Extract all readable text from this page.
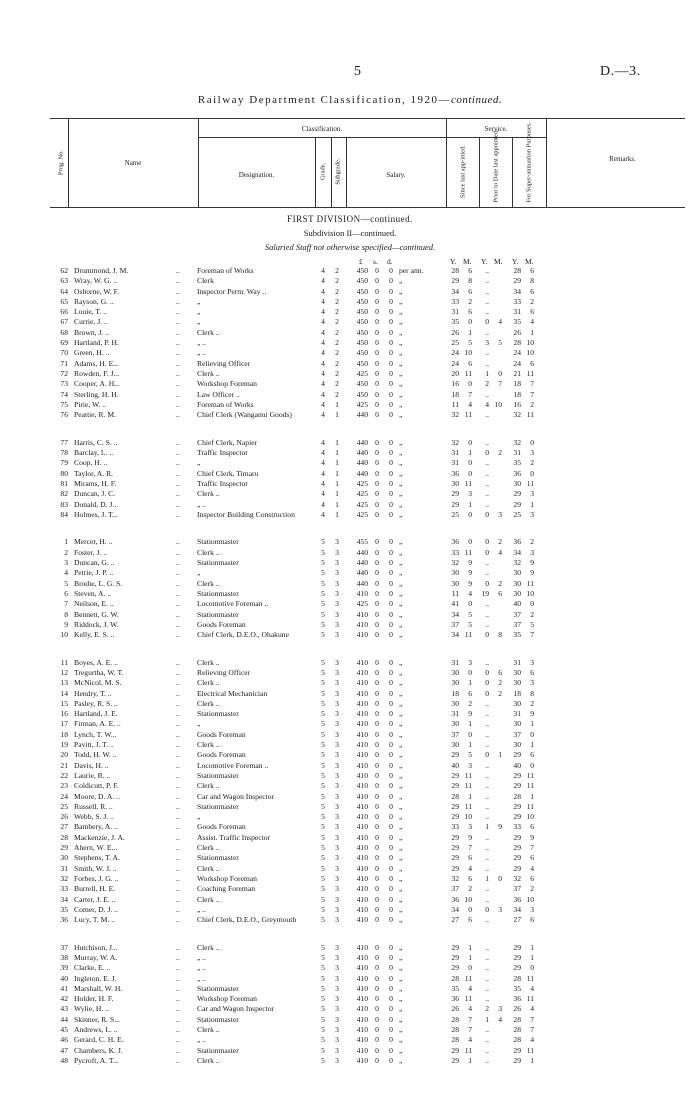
5	D.—3.
Railway Department Classification, 1920—continued.
Prog. No.	Name
Classification.
Designation.	Grade. Subgrade.	Salary.
Service.
Since last app-inted.	Prior to Date last appointed.	For Super-annuation Purposes.	Remarks.
FIRST DIVISION—continued.
Subdivision II—continued.
Salaried Staff not otherwise specified—continued.
£ s. d.	Y. M. Y. M. Y. M.
62 Drummond, J. M.	..	Foreman of Works	4 2	450 0 0 per ann.	28	6	..	28	6
63 Wray, W. G. ..	..	Clerk	4 2	450 0 0 „	29	8	..	29	8
64 Osborne, W. F.	..	Inspector Perm. Way ..	4 2	450 0 0 „	34	6	..	34	6
65 Rayson, G. ..	..	„	4 2	450 0 0 „	33	2	..	33	2
66 Louie, T. ..	..	„	4 2	450 0 0 „	31	6	..	31	6
67 Currie, J. ..	..	„	4 2	450 0 0 „	35	0	0	4	35	4
68 Brown, J. ..	..	Clerk ..	4 2	450 0 0 „	26	1	..	26	1
69 Hartland, P. H.	..	„ ..	4 2	450 0 0 „	25	5	3	5	28 10
70 Green, H. ..	..	„ ..	4 2	450 0 0 „	24 10	..	24 10
71 Adams, H. E...	..	Relieving Officer	4 2	450 0 0 „	24	6	..	24	6
72 Rowden, F. J...	..	Clerk ..	4 2	425 0 0 „	20 11	1	0	21 11
73 Cooper, A. H...	..	Workshop Foreman	4 2	450 0 0 „	16	0	2	7	18	7
74 Sterling, H. H.	..	Law Officer ..	4 2	450 0 0 „	18	7	..	18	7
75 Pirie, W. ..	..	Foreman of Works	4 1	425 0 0 „	11	4	4 10	16	2
76 Peattie, R. M.	..	Chief Clerk (Wanganui Goods)	4 1	440 0 0 „	32 11	..	32 11
77 Harris, C. S. ..	..	Chief Clerk, Napier	4 1	440 0 0 „	32	0	..	32	0
78 Barclay, L. ..	..	Traffic Inspector	4 1	440 0 0 „	31	1	0	2	31	3
79 Coop, H. ..	..	„	4 1	440 0 0 „	31	0	..	35	2
80 Taylor, A. R.	..	Chief Clerk, Timaru	4 1	440 0 0 „	36	0	..	36	0
81 Mirams, H. F.	..	Traffic Inspector	4 1	425 0 0 „	30 11	..	30 11
82 Duncan, J. C.	..	Clerk ..	4 1	425 0 0 „	29	3	..	29	3
83 Donald, D. J...	..	„ ..	4 1	425 0 0 „	29	1	..	29	1
84 Holmes, J. T...	..	Inspector Building Construction	4 1	425 0 0 „	25	0	0	3	25	3
1 Mercer, H. ..	..	Stationmaster	5 3	455 0 0 „	36	0	0	2	36	2
2 Foster, J. ..	..	Clerk ..	5 3	440 0 0 „	33 11	0	4	34	3
3 Duncan, G. ..	..	Stationmaster	5 3	440 0 0 „	32	9	..	32	9
4 Petrie, J. P. ..	..	„	5 3	440 0 0 „	30	9	..	30	9
5 Brodie, L. G. S.	..	Clerk ..	5 3	440 0 0 „	30	9	0	2	30 11
6 Steven, A. ..	..	Stationmaster	5 3	410 0 0 „	11	4	19	6	30 10
7 Neilson, E. ..	..	Locomotive Foreman ..	5 3	425 0 0 „	41	0	..	40	0
8 Bennett, G. W.	..	Stationmaster	5 3	410 0 0 „	34	5	..	37	2
9 Riddock, J. W.	..	Goods Foreman	5 3	410 0 0 „	37	5	..	37	5
10 Kelly, E. S. ..	..	Chief Clerk, D.E.O., Ohakune	5 3	410 0 0 „	34 11	0	8	35	7
11 Boyes, A. E. ..	..	Clerk ..	5 3	410 0 0 „	31	3	..	31	3
12 Tregurtha, W. T.	..	Relieving Officer	5 3	410 0 0 „	30	0	0	6	30	6
13 McNicol, M. S.	..	Clerk ..	5 3	410 0 0 „	30	1	0	2	30	3
14 Hendry, T. ..	..	Electrical Mechanician	5 3	410 0 0 „	18	6	0	2	18	8
15 Pasley, R. S. ..	..	Clerk ..	5 3	410 0 0 „	30	2	..	30	2
16 Hartland, J. E.	..	Stationmaster	5 3	410 0 0 „	31	9	..	31	9
17 Firman, A. E. ..	..	„	5 3	410 0 0 „	30	1	..	30	1
18 Lynch, T. W...	..	Goods Foreman	5 3	410 0 0 „	37	0	..	37	0
19 Pavitt, J. T. ..	..	Clerk ..	5 3	410 0 0 „	30	1	..	30	1
20 Todd, H. W. ..	..	Goods Foreman	5 3	410 0 0 „	29	5	0	1	29	6
21 Davis, H. ..	..	Locomotive Foreman ..	5 3	410 0 0 „	40	3	..	40	0
22 Laurie, R. ..	..	Stationmaster	5 3	410 0 0 „	29 11	..	29 11
23 Coldicutt, P. F.	..	Clerk ..	5 3	410 0 0 „	29 11	..	29 11
24 Moore, D. A. ..	..	Car and Wagon Inspector	5 3	410 0 0 „	28	1	..	28	1
25 Russell, R. ..	..	Stationmaster	5 3	410 0 0 „	29 11	..	29 11
26 Webb, S. J. ..	..	„	5 3	410 0 0 „	29 10	..	29 10
27 Bambery, A. ..	..	Goods Foreman	5 3	410 0 0 „	33	3	1	9	33	6
28 Mackenzie, J. A.	..	Assist. Traffic Inspector	5 3	410 0 0 „	29	9	..	29	9
29 Ahern, W. E...	..	Clerk ..	5 3	410 0 0 „	29	7	..	29	7
30 Stephens, T. A.	..	Stationmaster	5 3	410 0 0 „	29	6	..	29	6
31 Smith, W. J. ..	..	Clerk ..	5 3	410 0 0 „	29	4	..	29	4
32 Forbes, J. G. ..	..	Workshop Foreman	5 3	410 0 0 „	32	6	1	0	32	6
33 Burrell, H. E.	..	Coaching Foreman	5 3	410 0 0 „	37	2	..	37	2
34 Carter, J. E. ..	..	Clerk ..	5 3	410 0 0 „	36 10	..	36 10
35 Comer, D. J. ..	..	„ ..	5 3	410 0 0 „	34	0	0	3	34	3
36 Lucy, T. M. ..	..	Chief Clerk, D.E.O., Greymouth	5 3	410 0 0 „	27	6	..	27	6
37 Hutchison, J...	..	Clerk ..	5 3	410 0 0 „	29	1	..	29	1
38 Murray, W. A.	..	„ ..	5 3	410 0 0 „	29	1	..	29	1
39 Clarke, E. ..	..	„ ..	5 3	410 0 0 „	29	0	..	29	0
40 Ingleton, E. J.	..	„ ..	5 3	410 0 0 „	28 11	..	28 11
41 Marshall, W. H.	..	Stationmaster	5 3	410 0 0 „	35	4	..	35	4
42 Holder, H. F.	..	Workshop Foreman	5 3	410 0 0 „	36 11	..	36 11
43 Wylie, H. ..	..	Car and Wagon Inspector	5 3	410 0 0 „	26	4	2	3	26	4
44 Skinner, R. S...	..	Stationmaster	5 3	410 0 0 „	28	7	1	4	28	7
45 Andrews, L. ..	..	Clerk ..	5 3	410 0 0 „	28	7	..	28	7
46 Gerard, C. H. E.	..	„ ..	5 3	410 0 0 „	28	4	..	28	4
47 Chambers, K. J.	..	Stationmaster	5 3	410 0 0 „	29 11	..	29 11
48 Pycroft, A. T...	..	Clerk ..	5 3	410 0 0 „	29	1	..	29	1
